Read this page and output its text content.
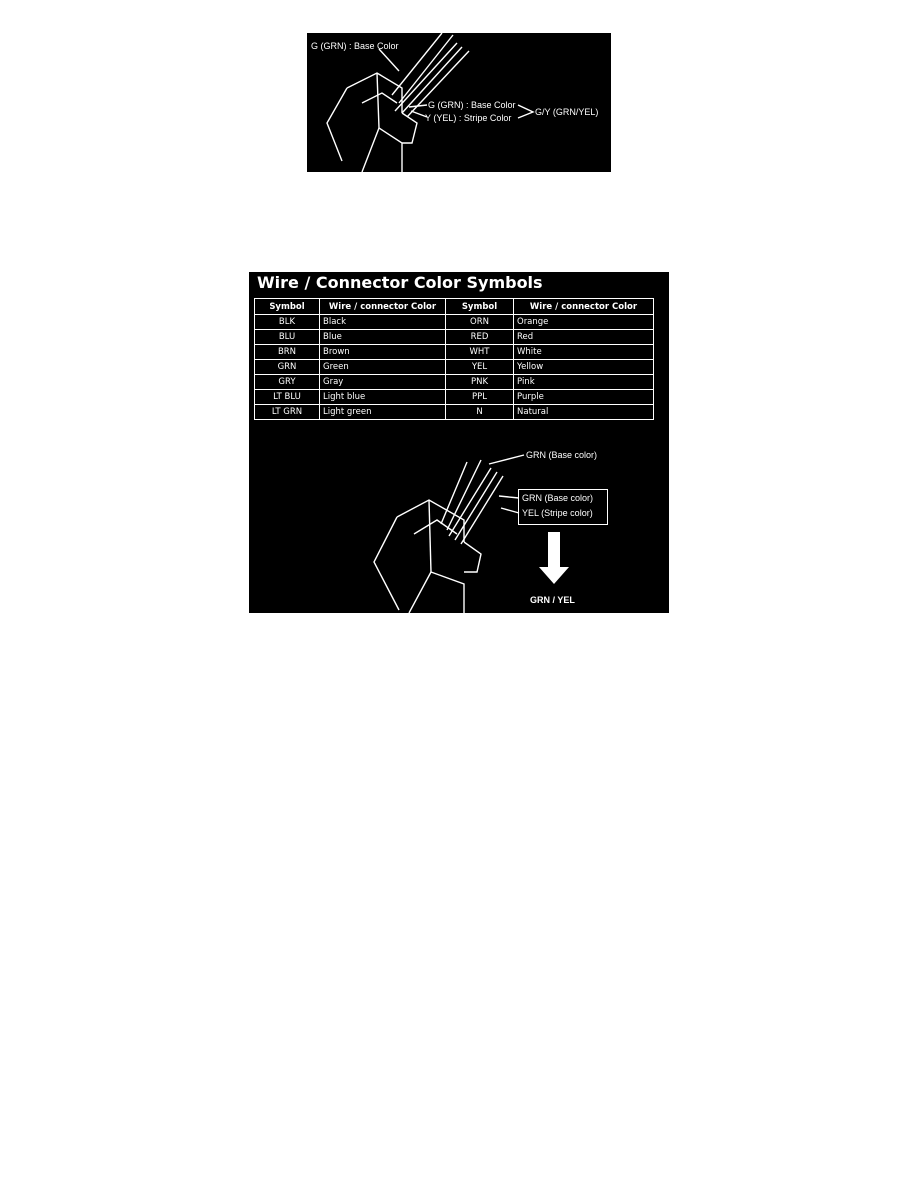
G (GRN) : Base Color
G (GRN) : Base Color
Y (YEL) : Stripe Color
G/Y (GRN/YEL)
Wire / Connector Color Symbols
Symbol	Wire / connector Color	Symbol	Wire / connector Color
BLK	Black	ORN	Orange
BLU	Blue	RED	Red
BRN	Brown	WHT	White
GRN	Green	YEL	Yellow
GRY	Gray	PNK	Pink
LT BLU	Light blue	PPL	Purple
LT GRN	Light green	N	Natural
GRN (Base color)
GRN (Base color)
YEL (Stripe color)
GRN / YEL
